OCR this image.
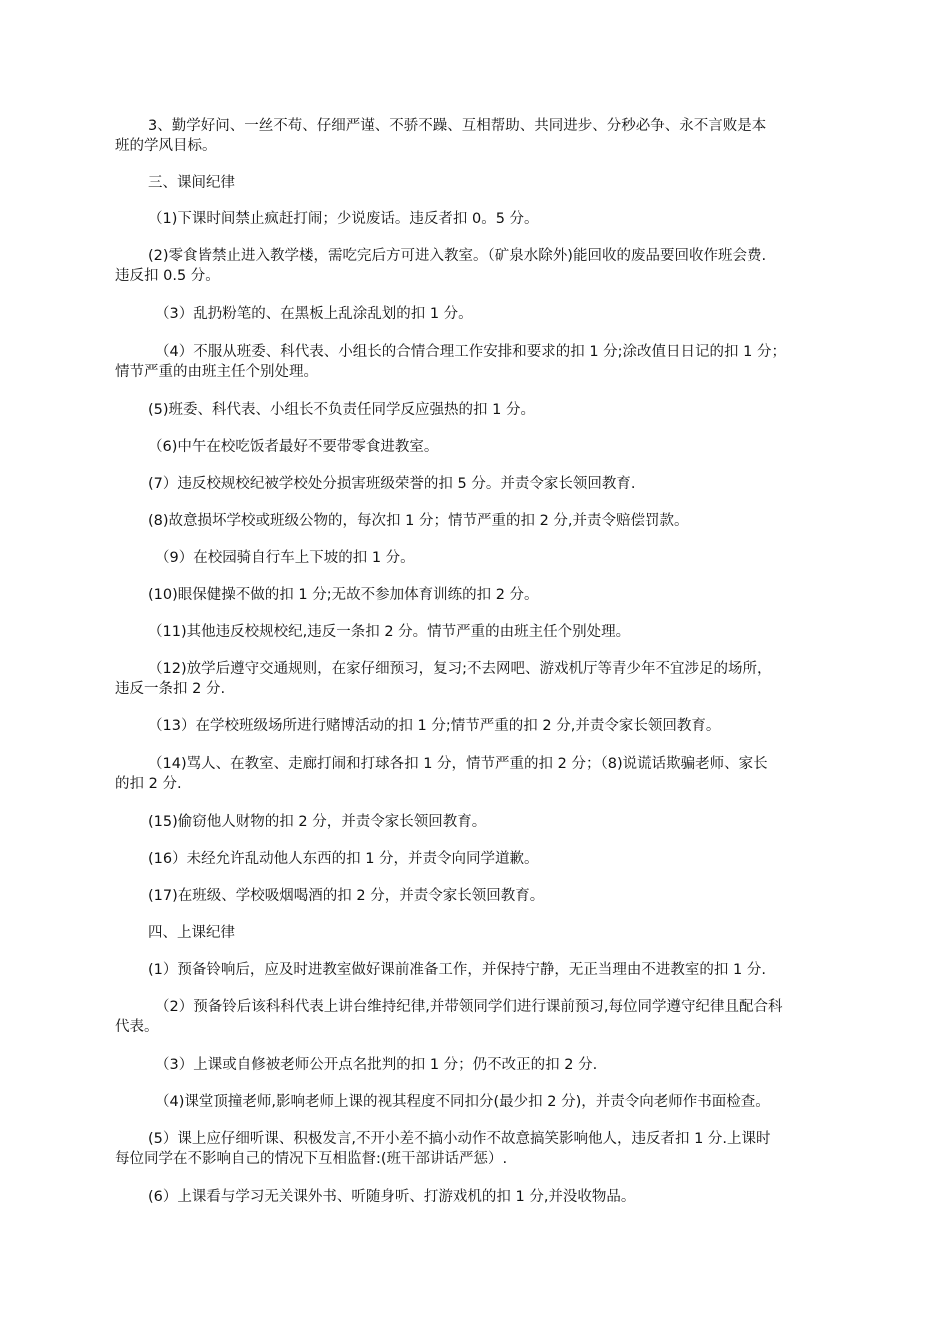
3、勤学好问、一丝不苟、仔细严谨、不骄不躁、互相帮助、共同进步、分秒必争、永不言败是本
班的学风目标。

三、课间纪律

（1)下课时间禁止疯赶打闹；少说废话。违反者扣 0。5 分。

(2)零食皆禁止进入教学楼，需吃完后方可进入教室。（矿泉水除外)能回收的废品要回收作班会费.
违反扣 0.5 分。

（3）乱扔粉笔的、在黑板上乱涂乱划的扣 1 分。

（4）不服从班委、科代表、小组长的合情合理工作安排和要求的扣 1 分;涂改值日日记的扣 1 分；
情节严重的由班主任个别处理。

(5)班委、科代表、小组长不负责任同学反应强热的扣 1 分。

（6)中午在校吃饭者最好不要带零食进教室。

(7）违反校规校纪被学校处分损害班级荣誉的扣 5 分。并责令家长领回教育.

(8)故意损坏学校或班级公物的，每次扣 1 分；情节严重的扣 2 分,并责令赔偿罚款。

（9）在校园骑自行车上下坡的扣 1 分。

(10)眼保健操不做的扣 1 分;无故不参加体育训练的扣 2 分。

（11)其他违反校规校纪,违反一条扣 2 分。情节严重的由班主任个别处理。

（12)放学后遵守交通规则，在家仔细预习，复习;不去网吧、游戏机厅等青少年不宜涉足的场所，
违反一条扣 2 分.

（13）在学校班级场所进行赌博活动的扣 1 分;情节严重的扣 2 分,并责令家长领回教育。

（14)骂人、在教室、走廊打闹和打球各扣 1 分，情节严重的扣 2 分；（8)说谎话欺骗老师、家长
的扣 2 分.

(15)偷窃他人财物的扣 2 分，并责令家长领回教育。

(16）未经允许乱动他人东西的扣 1 分，并责令向同学道歉。

(17)在班级、学校吸烟喝酒的扣 2 分，并责令家长领回教育。

四、上课纪律

(1）预备铃响后，应及时进教室做好课前准备工作，并保持宁静，无正当理由不进教室的扣 1 分.

（2）预备铃后该科科代表上讲台维持纪律,并带领同学们进行课前预习,每位同学遵守纪律且配合科
代表。

（3）上课或自修被老师公开点名批判的扣 1 分；仍不改正的扣 2 分.

（4)课堂顶撞老师,影响老师上课的视其程度不同扣分(最少扣 2 分)，并责令向老师作书面检查。

(5）课上应仔细听课、积极发言,不开小差不搞小动作不故意搞笑影响他人，违反者扣 1 分.上课时
每位同学在不影响自己的情况下互相监督:(班干部讲话严惩）.

(6）上课看与学习无关课外书、听随身听、打游戏机的扣 1 分,并没收物品。
